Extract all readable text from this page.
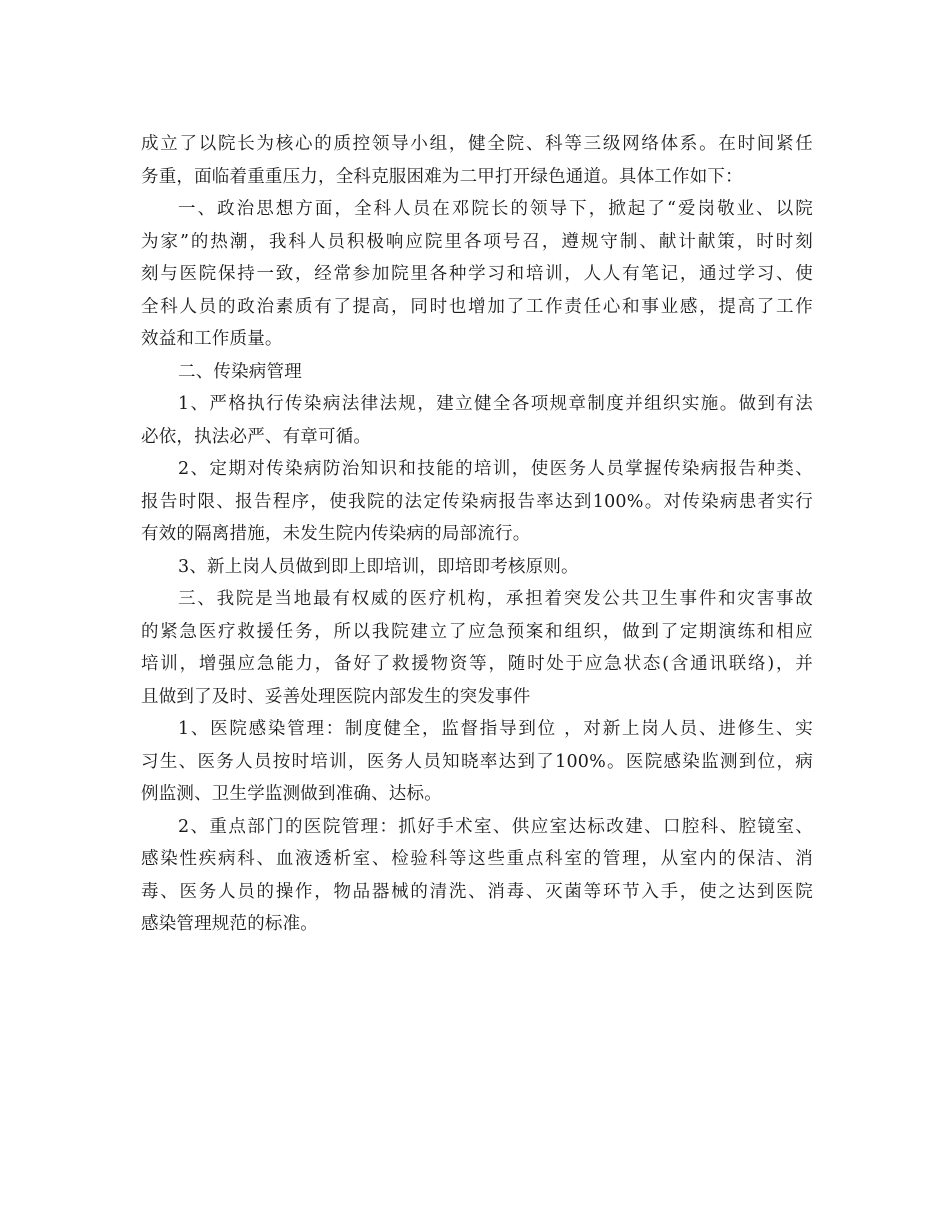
成立了以院长为核心的质控领导小组，健全院、科等三级网络体系。在时间紧任
务重，面临着重重压力，全科克服困难为二甲打开绿色通道。具体工作如下：
一、政治思想方面，全科人员在邓院长的领导下，掀起了“爱岗敬业、以院
为家”的热潮，我科人员积极响应院里各项号召，遵规守制、献计献策，时时刻
刻与医院保持一致，经常参加院里各种学习和培训，人人有笔记，通过学习、使
全科人员的政治素质有了提高，同时也增加了工作责任心和事业感，提高了工作
效益和工作质量。
二、传染病管理
1、严格执行传染病法律法规，建立健全各项规章制度并组织实施。做到有法
必依，执法必严、有章可循。
2、定期对传染病防治知识和技能的培训，使医务人员掌握传染病报告种类、
报告时限、报告程序，使我院的法定传染病报告率达到100%。对传染病患者实行
有效的隔离措施，未发生院内传染病的局部流行。
3、新上岗人员做到即上即培训，即培即考核原则。
三、我院是当地最有权威的医疗机构，承担着突发公共卫生事件和灾害事故
的紧急医疗救援任务，所以我院建立了应急预案和组织，做到了定期演练和相应
培训，增强应急能力，备好了救援物资等，随时处于应急状态(含通讯联络)，并
且做到了及时、妥善处理医院内部发生的突发事件
1、医院感染管理：制度健全，监督指导到位 ，对新上岗人员、进修生、实
习生、医务人员按时培训，医务人员知晓率达到了100%。医院感染监测到位，病
例监测、卫生学监测做到准确、达标。
2、重点部门的医院管理：抓好手术室、供应室达标改建、口腔科、腔镜室、
感染性疾病科、血液透析室、检验科等这些重点科室的管理，从室内的保洁、消
毒、医务人员的操作，物品器械的清洗、消毒、灭菌等环节入手，使之达到医院
感染管理规范的标准。
